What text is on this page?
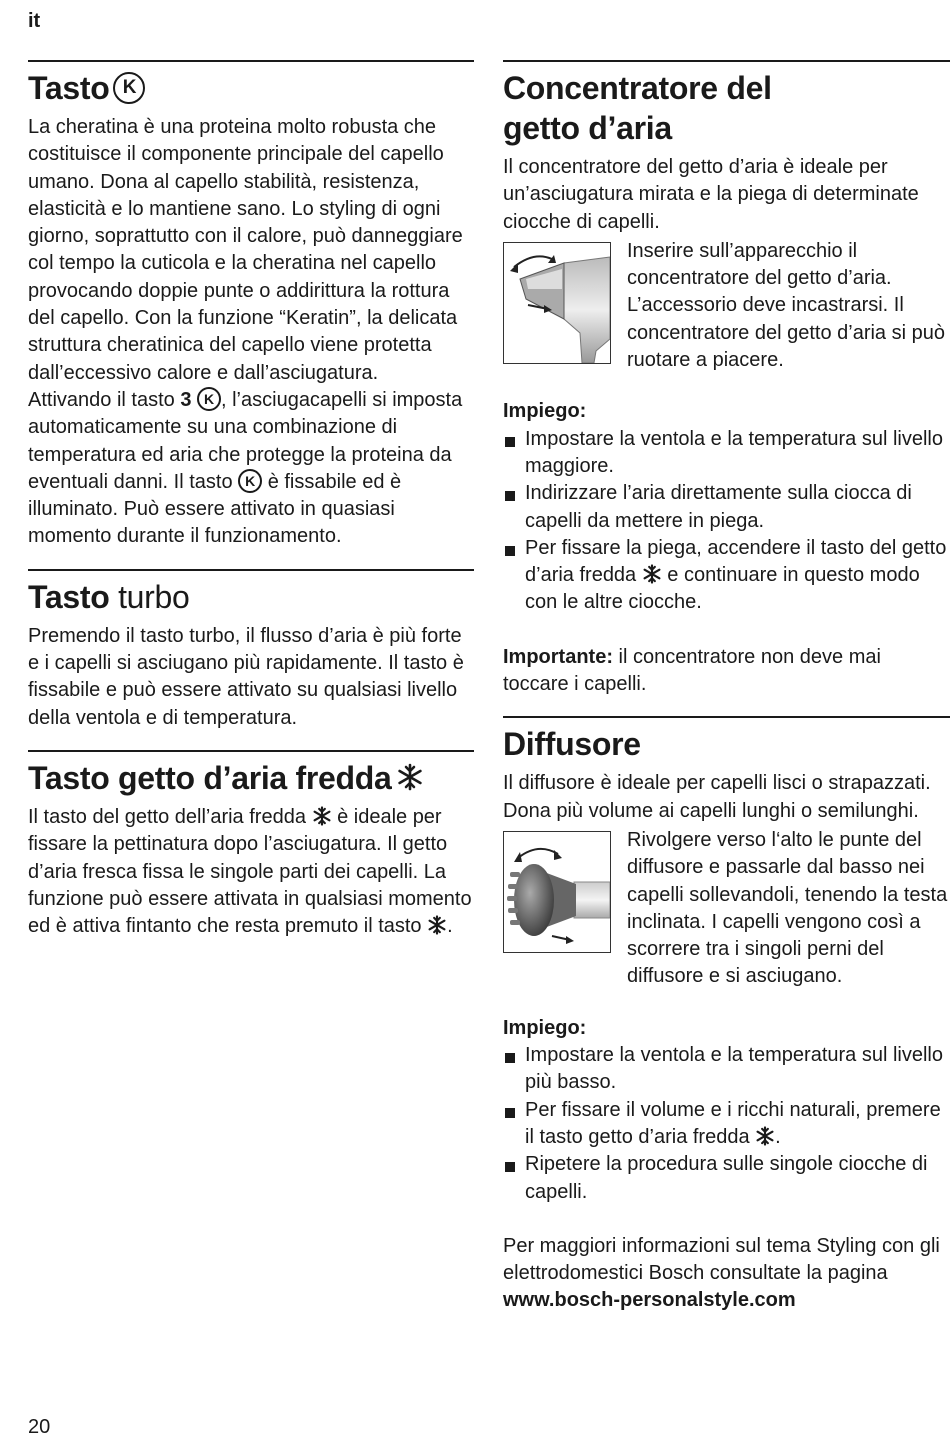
it
Tasto K

La cheratina è una proteina molto robusta che costituisce il componente principale del capello umano. Dona al capello stabilità, resistenza, elasticità e lo mantiene sano. Lo styling di ogni giorno, soprattutto con il calore, può danneggiare col tempo la cuticola e la cheratina nel capello provocando doppie punte o addirittura la rottura del capello. Con la funzione “Keratin”, la delicata struttura cheratinica del capello viene protetta dall’eccessivo calore e dall’asciugatura.

Attivando il tasto 3 K , l’asciugacapelli si imposta automaticamente su una combinazione di temperatura ed aria che protegge la proteina da eventuali danni. Il tasto K è fissabile ed è illuminato. Può essere attivato in quasiasi momento durante il funzionamento.

Tasto turbo

Premendo il tasto turbo, il flusso d’aria è più forte e i capelli si asciugano più rapidamente. Il tasto è fissabile e può essere attivato su qualsiasi livello della ventola e di temperatura.

Tasto getto d’aria fredda

Il tasto del getto dell’aria fredda  è ideale per fissare la pettinatura dopo l’asciugatura. Il getto d’aria fresca fissa le singole parti dei capelli. La funzione può essere attivata in qualsiasi momento ed è attiva fintanto che resta premuto il tasto .

Concentratore del getto d’aria

Il concentratore del getto d’aria è ideale per un’asciugatura mirata e la piega di determinate ciocche di capelli.

Inserire sull’apparecchio il concentratore del getto d’aria. L’accessorio deve incastrarsi. Il concentratore del getto d’aria si può ruotare a piacere.

Impiego:

Impostare la ventola e la temperatura sul livello maggiore.
Indirizzare l’aria direttamente sulla ciocca di capelli da mettere in piega.
Per fissare la piega, accendere il tasto del getto d’aria fredda  e continuare in questo modo con le altre ciocche.

Importante: il concentratore non deve mai toccare i capelli.

Diffusore

Il diffusore è ideale per capelli lisci o strapazzati. Dona più volume ai capelli lunghi o semilunghi.

Rivolgere verso l‘alto le punte del diffusore e passarle dal basso nei capelli sollevandoli, tenendo la testa inclinata. I capelli vengono così a scorrere tra i singoli perni del diffusore e si asciugano.

Impiego:

Impostare la ventola e la temperatura sul livello più basso.
Per fissare il volume e i ricchi naturali, premere il tasto getto d’aria fredda .
Ripetere la procedura sulle singole ciocche di capelli.

Per maggiori informazioni sul tema Styling con gli elettrodomestici Bosch consultate la pagina www.bosch-personalstyle.com

20
